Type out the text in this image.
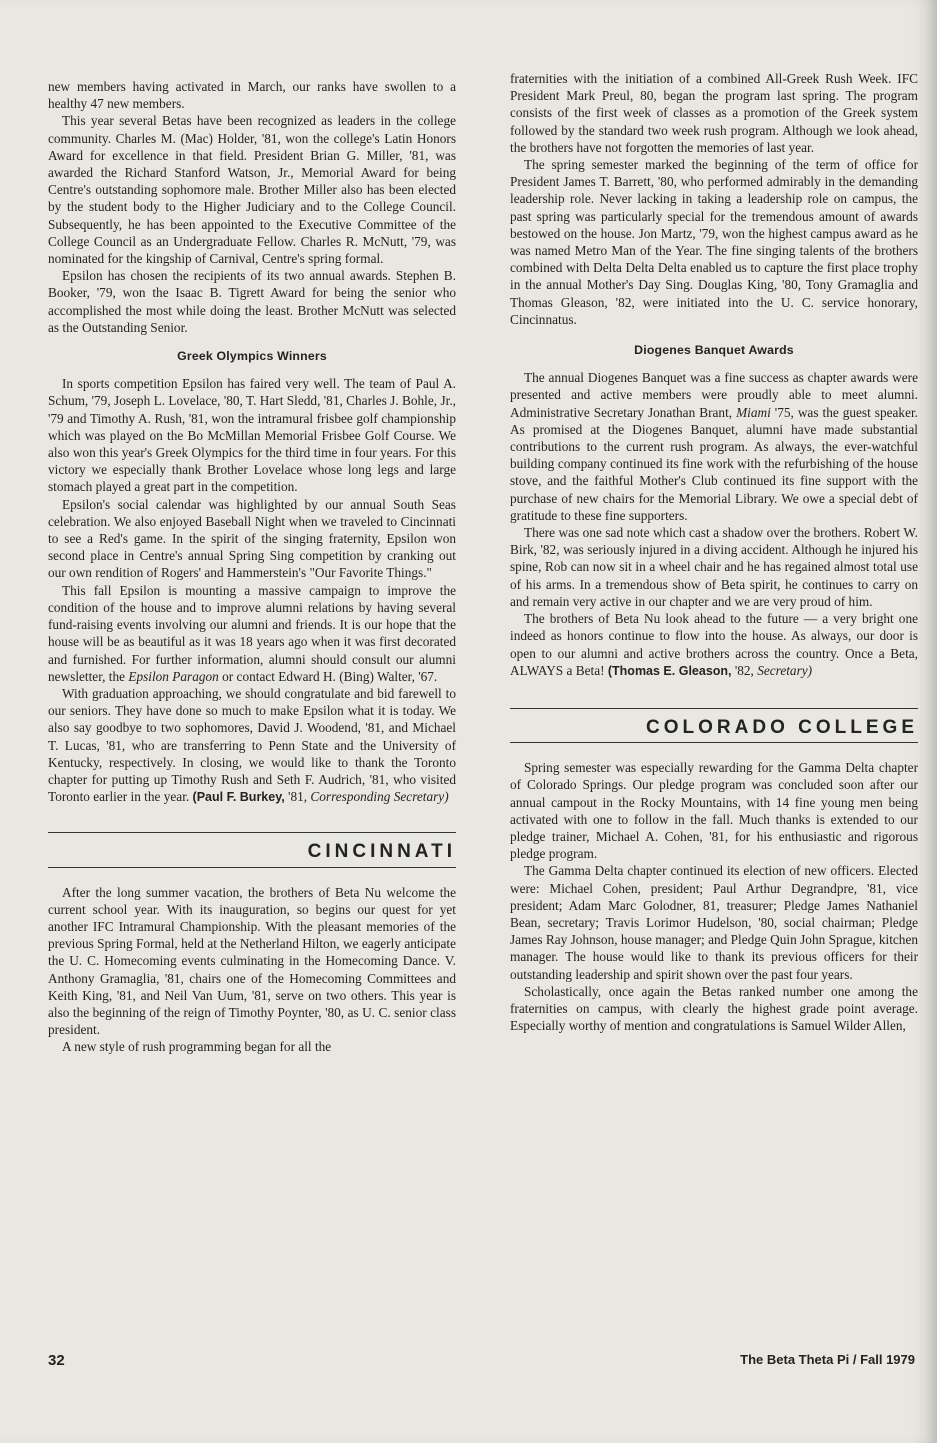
new members having activated in March, our ranks have swollen to a healthy 47 new members.

This year several Betas have been recognized as leaders in the college community. Charles M. (Mac) Holder, '81, won the college's Latin Honors Award for excellence in that field. President Brian G. Miller, '81, was awarded the Richard Stanford Watson, Jr., Memorial Award for being Centre's outstanding sophomore male. Brother Miller also has been elected by the student body to the Higher Judiciary and to the College Council. Subsequently, he has been appointed to the Executive Committee of the College Council as an Undergraduate Fellow. Charles R. McNutt, '79, was nominated for the kingship of Carnival, Centre's spring formal.

Epsilon has chosen the recipients of its two annual awards. Stephen B. Booker, '79, won the Isaac B. Tigrett Award for being the senior who accomplished the most while doing the least. Brother McNutt was selected as the Outstanding Senior.

Greek Olympics Winners

In sports competition Epsilon has faired very well. The team of Paul A. Schum, '79, Joseph L. Lovelace, '80, T. Hart Sledd, '81, Charles J. Bohle, Jr., '79 and Timothy A. Rush, '81, won the intramural frisbee golf championship which was played on the Bo McMillan Memorial Frisbee Golf Course. We also won this year's Greek Olympics for the third time in four years. For this victory we especially thank Brother Lovelace whose long legs and large stomach played a great part in the competition.

Epsilon's social calendar was highlighted by our annual South Seas celebration. We also enjoyed Baseball Night when we traveled to Cincinnati to see a Red's game. In the spirit of the singing fraternity, Epsilon won second place in Centre's annual Spring Sing competition by cranking out our own rendition of Rogers' and Hammerstein's "Our Favorite Things."

This fall Epsilon is mounting a massive campaign to improve the condition of the house and to improve alumni relations by having several fund-raising events involving our alumni and friends. It is our hope that the house will be as beautiful as it was 18 years ago when it was first decorated and furnished. For further information, alumni should consult our alumni newsletter, the Epsilon Paragon or contact Edward H. (Bing) Walter, '67.

With graduation approaching, we should congratulate and bid farewell to our seniors. They have done so much to make Epsilon what it is today. We also say goodbye to two sophomores, David J. Woodend, '81, and Michael T. Lucas, '81, who are transferring to Penn State and the University of Kentucky, respectively. In closing, we would like to thank the Toronto chapter for putting up Timothy Rush and Seth F. Audrich, '81, who visited Toronto earlier in the year. (Paul F. Burkey, '81, Corresponding Secretary)

CINCINNATI

After the long summer vacation, the brothers of Beta Nu welcome the current school year. With its inauguration, so begins our quest for yet another IFC Intramural Championship. With the pleasant memories of the previous Spring Formal, held at the Netherland Hilton, we eagerly anticipate the U. C. Homecoming events culminating in the Homecoming Dance. V. Anthony Gramaglia, '81, chairs one of the Homecoming Committees and Keith King, '81, and Neil Van Uum, '81, serve on two others. This year is also the beginning of the reign of Timothy Poynter, '80, as U. C. senior class president.

A new style of rush programming began for all the

fraternities with the initiation of a combined All-Greek Rush Week. IFC President Mark Preul, 80, began the program last spring. The program consists of the first week of classes as a promotion of the Greek system followed by the standard two week rush program. Although we look ahead, the brothers have not forgotten the memories of last year.

The spring semester marked the beginning of the term of office for President James T. Barrett, '80, who performed admirably in the demanding leadership role. Never lacking in taking a leadership role on campus, the past spring was particularly special for the tremendous amount of awards bestowed on the house. Jon Martz, '79, won the highest campus award as he was named Metro Man of the Year. The fine singing talents of the brothers combined with Delta Delta Delta enabled us to capture the first place trophy in the annual Mother's Day Sing. Douglas King, '80, Tony Gramaglia and Thomas Gleason, '82, were initiated into the U. C. service honorary, Cincinnatus.

Diogenes Banquet Awards

The annual Diogenes Banquet was a fine success as chapter awards were presented and active members were proudly able to meet alumni. Administrative Secretary Jonathan Brant, Miami '75, was the guest speaker. As promised at the Diogenes Banquet, alumni have made substantial contributions to the current rush program. As always, the ever-watchful building company continued its fine work with the refurbishing of the house stove, and the faithful Mother's Club continued its fine support with the purchase of new chairs for the Memorial Library. We owe a special debt of gratitude to these fine supporters.

There was one sad note which cast a shadow over the brothers. Robert W. Birk, '82, was seriously injured in a diving accident. Although he injured his spine, Rob can now sit in a wheel chair and he has regained almost total use of his arms. In a tremendous show of Beta spirit, he continues to carry on and remain very active in our chapter and we are very proud of him.

The brothers of Beta Nu look ahead to the future — a very bright one indeed as honors continue to flow into the house. As always, our door is open to our alumni and active brothers across the country. Once a Beta, ALWAYS a Beta! (Thomas E. Gleason, '82, Secretary)

COLORADO COLLEGE

Spring semester was especially rewarding for the Gamma Delta chapter of Colorado Springs. Our pledge program was concluded soon after our annual campout in the Rocky Mountains, with 14 fine young men being activated with one to follow in the fall. Much thanks is extended to our pledge trainer, Michael A. Cohen, '81, for his enthusiastic and rigorous pledge program.

The Gamma Delta chapter continued its election of new officers. Elected were: Michael Cohen, president; Paul Arthur Degrandpre, '81, vice president; Adam Marc Golodner, 81, treasurer; Pledge James Nathaniel Bean, secretary; Travis Lorimor Hudelson, '80, social chairman; Pledge James Ray Johnson, house manager; and Pledge Quin John Sprague, kitchen manager. The house would like to thank its previous officers for their outstanding leadership and spirit shown over the past four years.

Scholastically, once again the Betas ranked number one among the fraternities on campus, with clearly the highest grade point average. Especially worthy of mention and congratulations is Samuel Wilder Allen,

32	The Beta Theta Pi / Fall 1979
